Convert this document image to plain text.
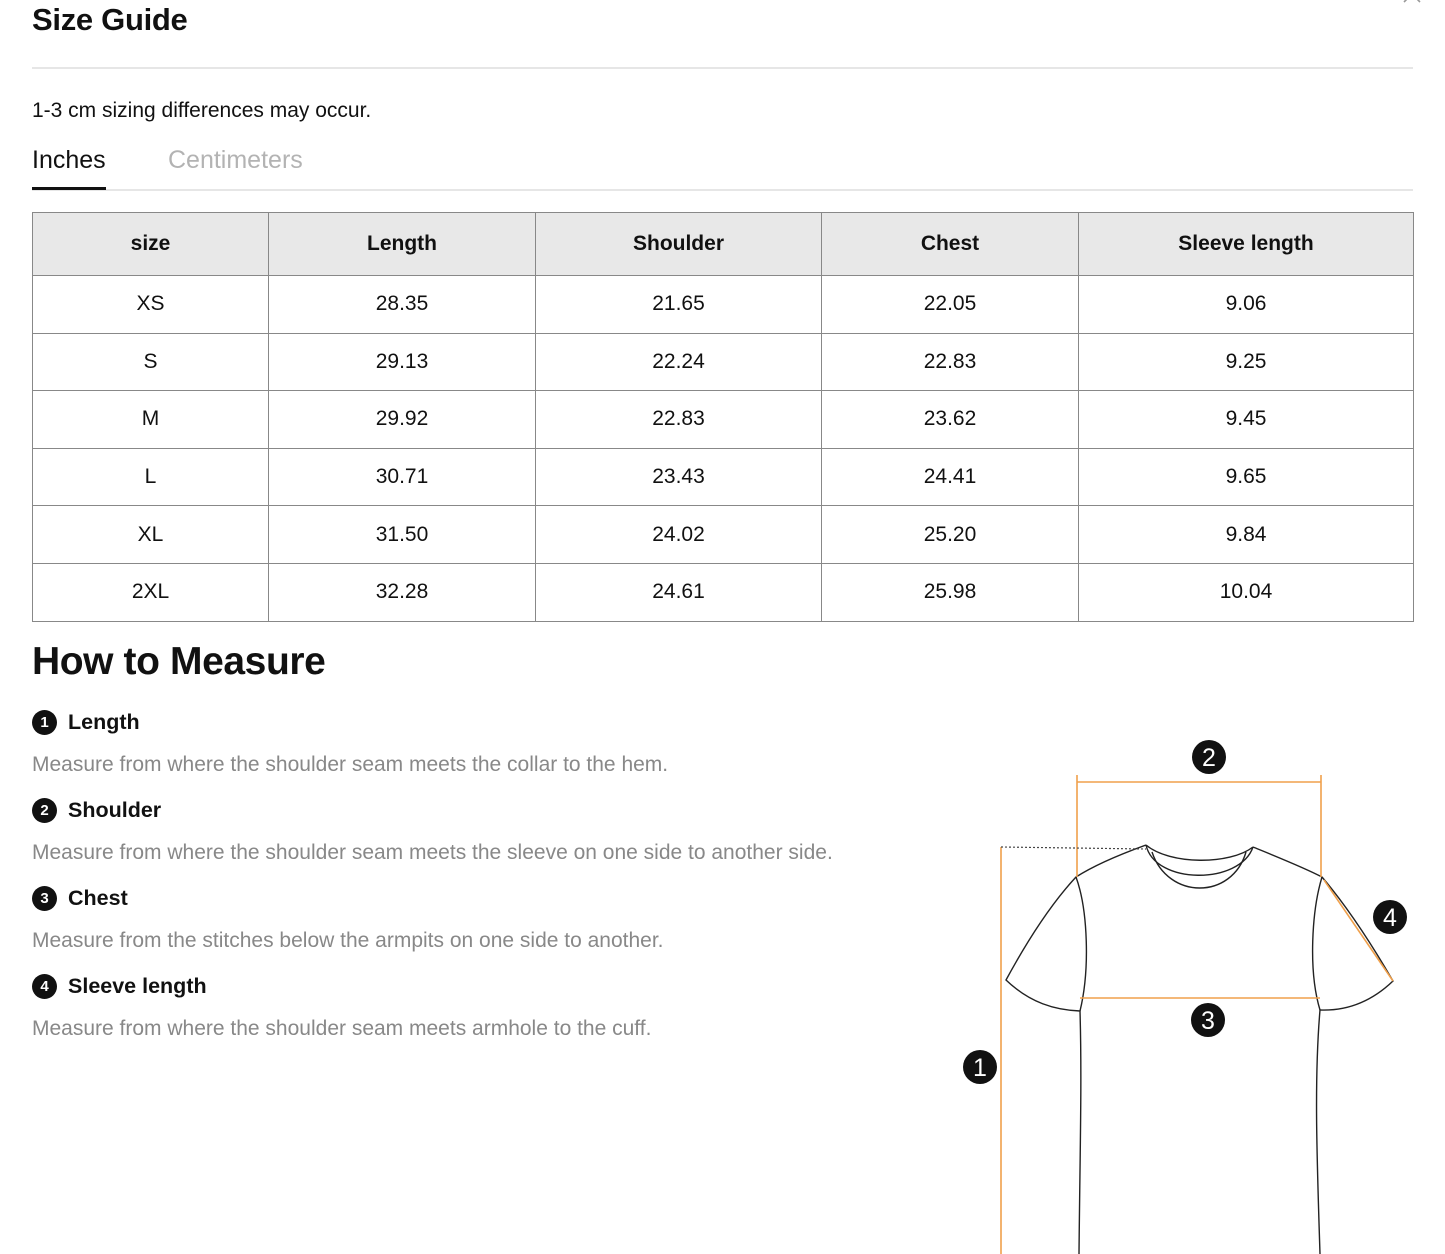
Size Guide
1-3 cm sizing differences may occur.
Inches Centimeters
size	Length	Shoulder	Chest	Sleeve length
XS	28.35	21.65	22.05	9.06
S	29.13	22.24	22.83	9.25
M	29.92	22.83	23.62	9.45
L	30.71	23.43	24.41	9.65
XL	31.50	24.02	25.20	9.84
2XL	32.28	24.61	25.98	10.04
How to Measure
1 Length
Measure from where the shoulder seam meets the collar to the hem.
2 Shoulder
Measure from where the shoulder seam meets the sleeve on one side to another side.
3 Chest
Measure from the stitches below the armpits on one side to another.
4 Sleeve length
Measure from where the shoulder seam meets armhole to the cuff.
2
4
3
1
